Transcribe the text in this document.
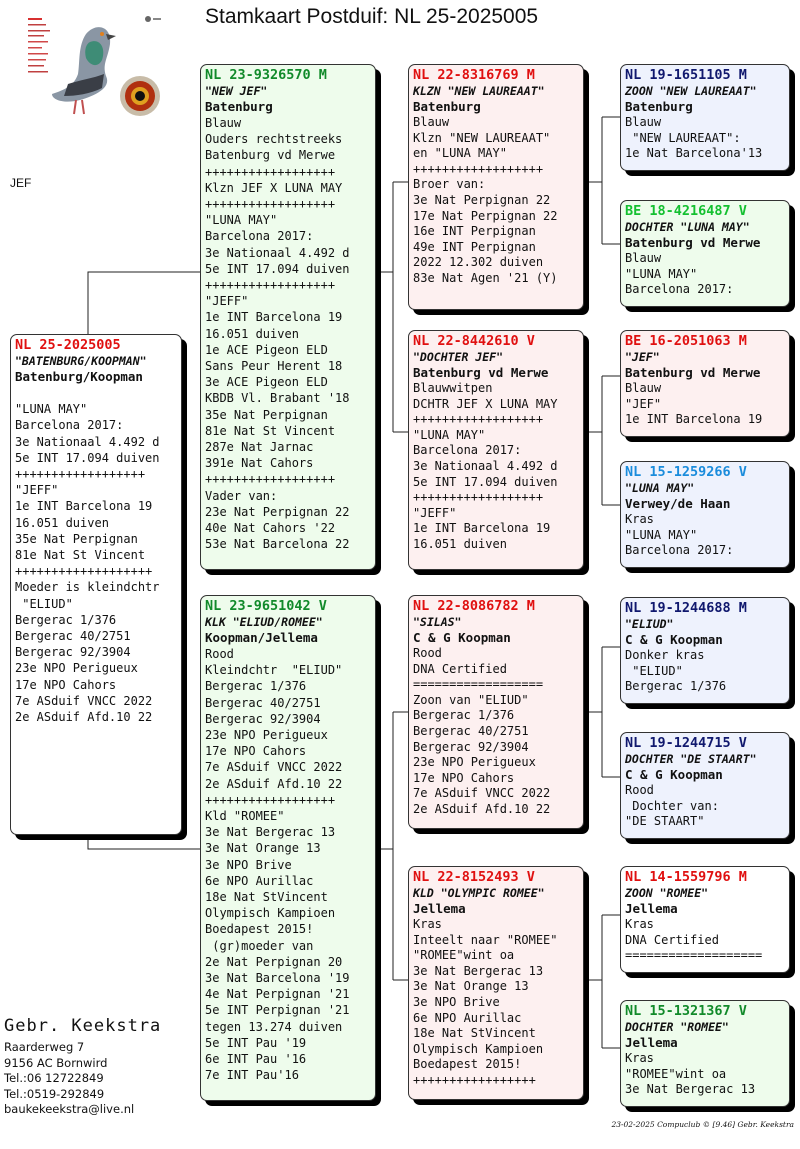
Stamkaart Postduif: NL 25-2025005
JEF
NL 25-2025005
"BATENBURG/KOOPMAN"
Batenburg/Koopman

"LUNA MAY"
Barcelona 2017:
3e Nationaal 4.492 d
5e INT 17.094 duiven
++++++++++++++++++
"JEFF"
1e INT Barcelona 19
16.051 duiven
35e Nat Perpignan
81e Nat St Vincent
+++++++++++++++++++
Moeder is kleindchtr
"ELIUD"
Bergerac 1/376
Bergerac 40/2751
Bergerac 92/3904
23e NPO Perigueux
17e NPO Cahors
7e ASduif VNCC 2022
2e ASduif Afd.10 22
NL 23-9326570 M
"NEW JEF"
Batenburg
Blauw
Ouders rechtstreeks
Batenburg vd Merwe
++++++++++++++++++
Klzn JEF X LUNA MAY
++++++++++++++++++
"LUNA MAY"
Barcelona 2017:
3e Nationaal 4.492 d
5e INT 17.094 duiven
++++++++++++++++++
"JEFF"
1e INT Barcelona 19
16.051 duiven
1e ACE Pigeon ELD
Sans Peur Herent 18
3e ACE Pigeon ELD
KBDB Vl. Brabant '18
35e Nat Perpignan
81e Nat St Vincent
287e Nat Jarnac
391e Nat Cahors
++++++++++++++++++
Vader van:
23e Nat Perpignan 22
40e Nat Cahors '22
53e Nat Barcelona 22
NL 23-9651042 V
KLK "ELIUD/ROMEE"
Koopman/Jellema
Rood
Kleindchtr  "ELIUD"
Bergerac 1/376
Bergerac 40/2751
Bergerac 92/3904
23e NPO Perigueux
17e NPO Cahors
7e ASduif VNCC 2022
2e ASduif Afd.10 22
++++++++++++++++++
Kld "ROMEE"
3e Nat Bergerac 13
3e Nat Orange 13
3e NPO Brive
6e NPO Aurillac
18e Nat StVincent
Olympisch Kampioen
Boedapest 2015!
(gr)moeder van
2e Nat Perpignan 20
3e Nat Barcelona '19
4e Nat Perpignan '21
5e INT Perpignan '21
tegen 13.274 duiven
5e INT Pau '19
6e INT Pau '16
7e INT Pau'16
NL 22-8316769 M
KLZN "NEW LAUREAAT"
Batenburg
Blauw
Klzn "NEW LAUREAAT"
en "LUNA MAY"
++++++++++++++++++
Broer van:
3e Nat Perpignan 22
17e Nat Perpignan 22
16e INT Perpignan
49e INT Perpignan
2022 12.302 duiven
83e Nat Agen '21 (Y)
NL 22-8442610 V
"DOCHTER JEF"
Batenburg vd Merwe
Blauwwitpen
DCHTR JEF X LUNA MAY
++++++++++++++++++
"LUNA MAY"
Barcelona 2017:
3e Nationaal 4.492 d
5e INT 17.094 duiven
++++++++++++++++++
"JEFF"
1e INT Barcelona 19
16.051 duiven
NL 22-8086782 M
"SILAS"
C & G Koopman
Rood
DNA Certified
==================
Zoon van "ELIUD"
Bergerac 1/376
Bergerac 40/2751
Bergerac 92/3904
23e NPO Perigueux
17e NPO Cahors
7e ASduif VNCC 2022
2e ASduif Afd.10 22
NL 22-8152493 V
KLD "OLYMPIC ROMEE"
Jellema
Kras
Inteelt naar "ROMEE"
"ROMEE"wint oa
3e Nat Bergerac 13
3e Nat Orange 13
3e NPO Brive
6e NPO Aurillac
18e Nat StVincent
Olympisch Kampioen
Boedapest 2015!
+++++++++++++++++
NL 19-1651105 M
ZOON "NEW LAUREAAT"
Batenburg
Blauw
"NEW LAUREAAT":
1e Nat Barcelona'13
BE 18-4216487 V
DOCHTER "LUNA MAY"
Batenburg vd Merwe
Blauw
"LUNA MAY"
Barcelona 2017:
BE 16-2051063 M
"JEF"
Batenburg vd Merwe
Blauw
"JEF"
1e INT Barcelona 19
NL 15-1259266 V
"LUNA MAY"
Verwey/de Haan
Kras
"LUNA MAY"
Barcelona 2017:
NL 19-1244688 M
"ELIUD"
C & G Koopman
Donker kras
"ELIUD"
Bergerac 1/376
NL 19-1244715 V
DOCHTER "DE STAART"
C & G Koopman
Rood
Dochter van:
"DE STAART"
NL 14-1559796 M
ZOON "ROMEE"
Jellema
Kras
DNA Certified
===================
NL 15-1321367 V
DOCHTER "ROMEE"
Jellema
Kras
"ROMEE"wint oa
3e Nat Bergerac 13
Gebr. Keekstra
Raarderweg 7
9156 AC Bornwird
Tel.:06 12722849
Tel.:0519-292849
baukekeekstra@live.nl
23-02-2025 Compuclub © [9.46] Gebr. Keekstra
